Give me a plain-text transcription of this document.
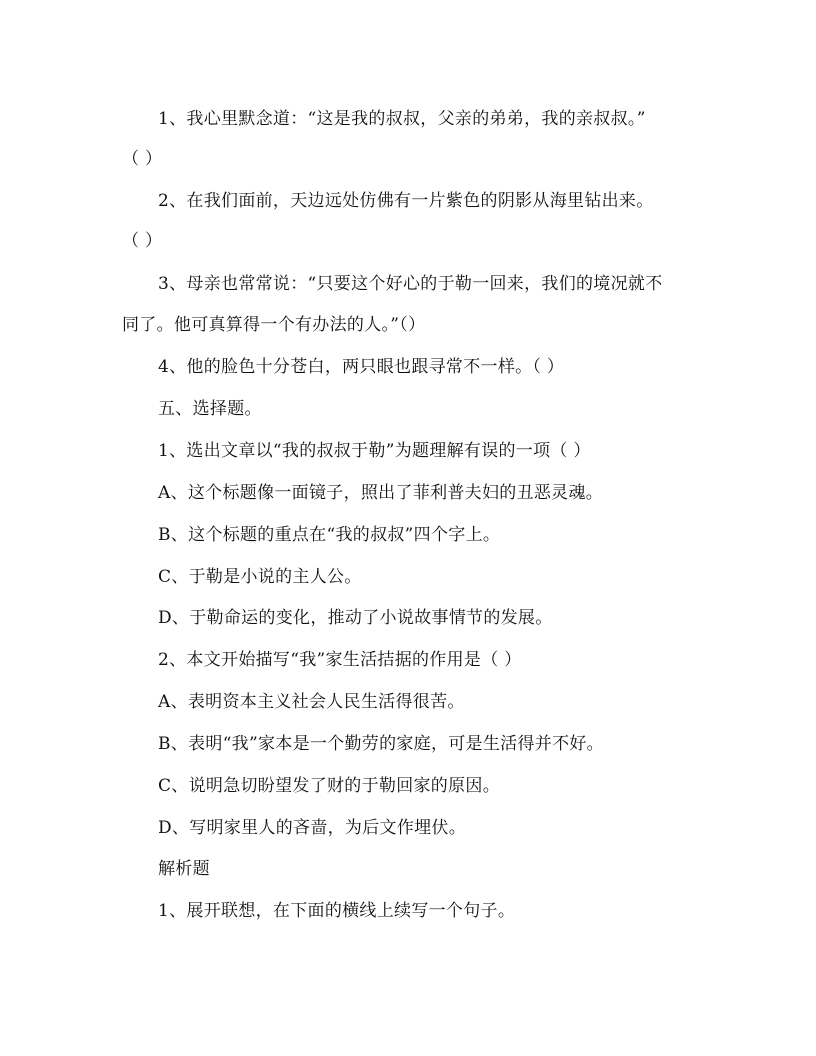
1、我心里默念道：“这是我的叔叔，父亲的弟弟，我的亲叔叔。”
（ ）
2、在我们面前，天边远处仿佛有一片紫色的阴影从海里钻出来。
（ ）
3、母亲也常常说：“只要这个好心的于勒一回来，我们的境况就不
同了。他可真算得一个有办法的人。”（）
4、他的脸色十分苍白，两只眼也跟寻常不一样。（ ）
五、选择题。
1、选出文章以“我的叔叔于勒”为题理解有误的一项（ ）
A、这个标题像一面镜子，照出了菲利普夫妇的丑恶灵魂。
B、这个标题的重点在“我的叔叔”四个字上。
C、于勒是小说的主人公。
D、于勒命运的变化，推动了小说故事情节的发展。
2、本文开始描写“我”家生活拮据的作用是（ ）
A、表明资本主义社会人民生活得很苦。
B、表明“我”家本是一个勤劳的家庭，可是生活得并不好。
C、说明急切盼望发了财的于勒回家的原因。
D、写明家里人的吝啬，为后文作埋伏。
解析题
1、展开联想，在下面的横线上续写一个句子。
